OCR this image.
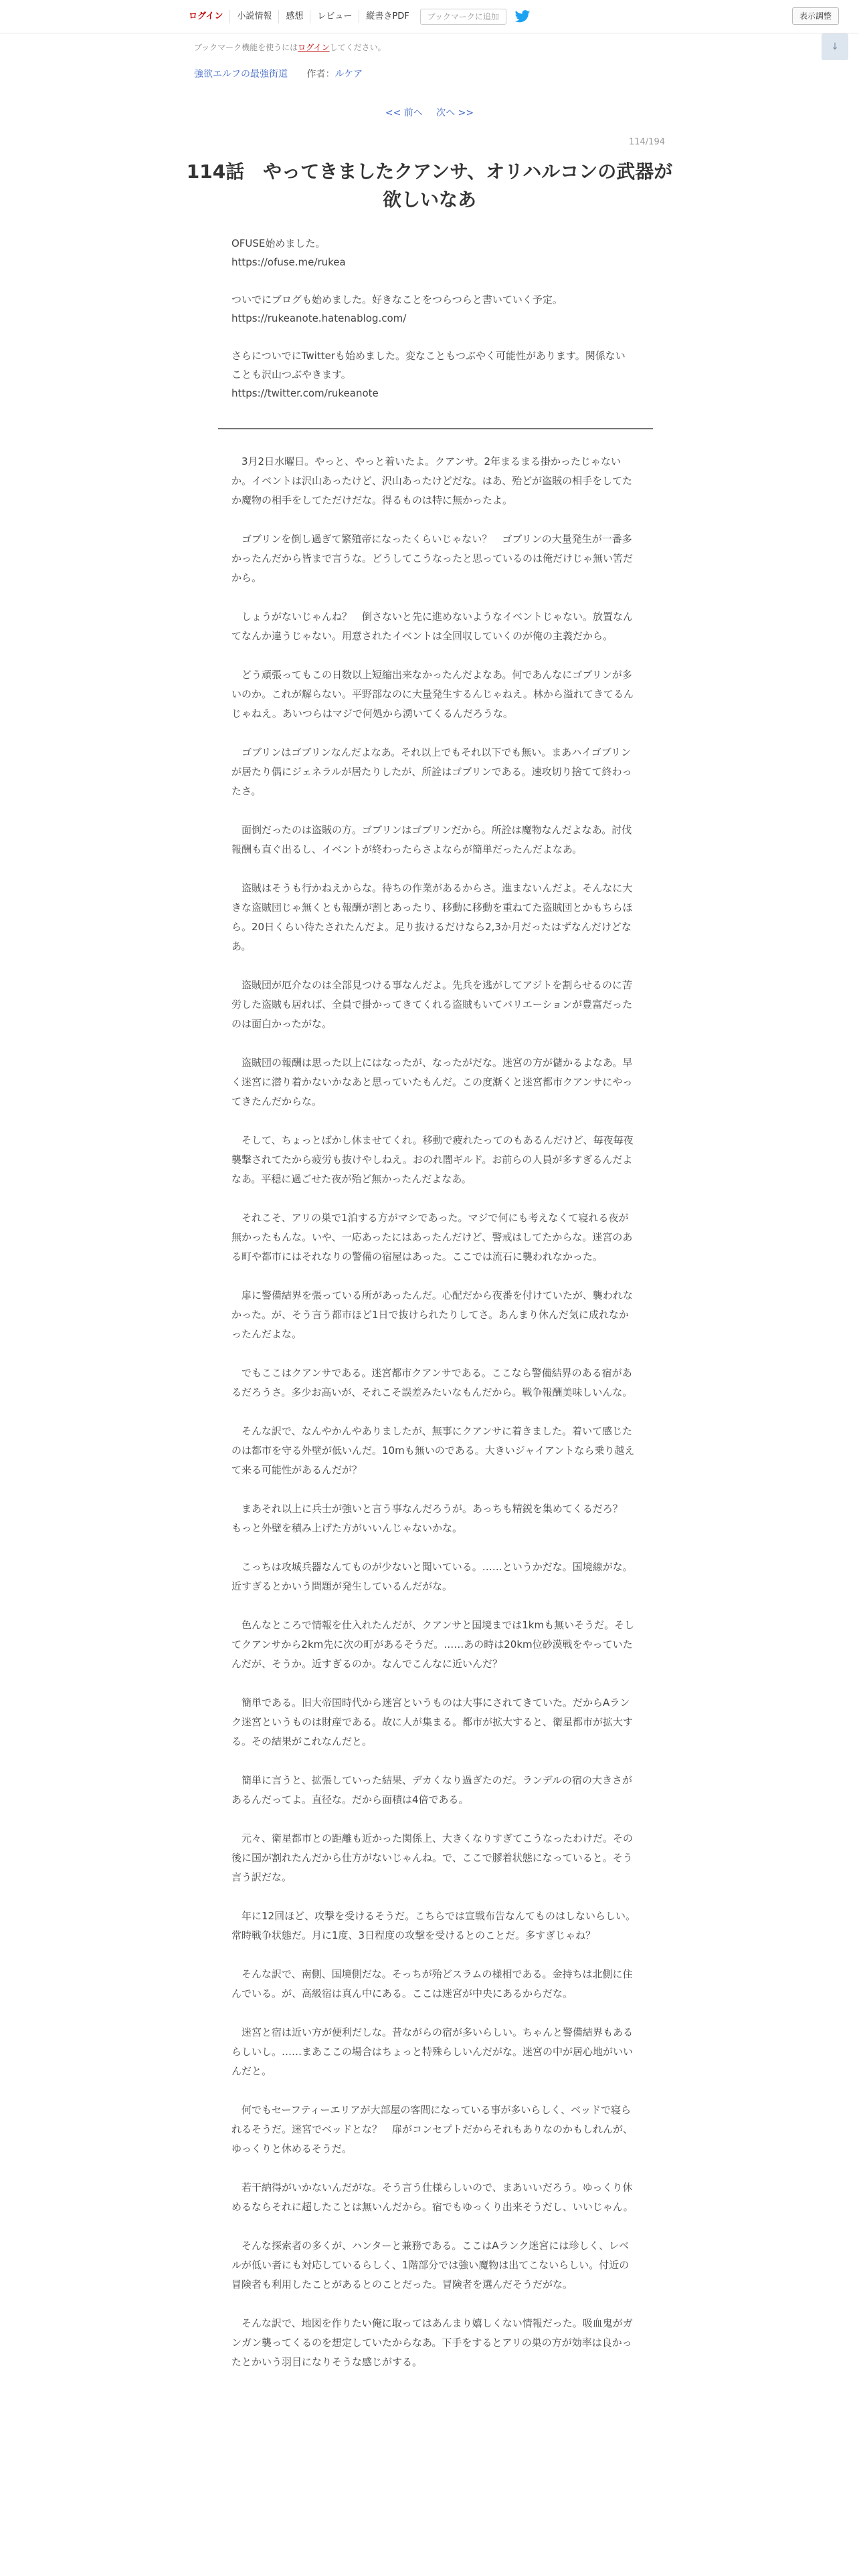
ログイン	小説情報	感想	レビュー	縦書きPDF	ブックマークに追加	表示調整
ブックマーク機能を使うにはログインしてください。	↓
強欲エルフの最強街道 作者：ルケア
<< 前へ 次へ >>
114/194
114話　やってきましたクアンサ、オリハルコンの武器が欲しいなあ

OFUSE始めました。
https://ofuse.me/rukea

ついでにブログも始めました。好きなことをつらつらと書いていく予定。
https://rukeanote.hatenablog.com/

さらについでにTwitterも始めました。変なこともつぶやく可能性があります。関係ないことも沢山つぶやきます。
https://twitter.com/rukeanote

3月2日水曜日。やっと、やっと着いたよ。クアンサ。2年まるまる掛かったじゃないか。イベントは沢山あったけど、沢山あったけどだな。はあ、殆どが盗賊の相手をしてたか魔物の相手をしてただけだな。得るものは特に無かったよ。

ゴブリンを倒し過ぎて繁殖帝になったくらいじゃない？　ゴブリンの大量発生が一番多かったんだから皆まで言うな。どうしてこうなったと思っているのは俺だけじゃ無い筈だから。

しょうがないじゃんね？　倒さないと先に進めないようなイベントじゃない。放置なんてなんか違うじゃない。用意されたイベントは全回収していくのが俺の主義だから。

どう頑張ってもこの日数以上短縮出来なかったんだよなあ。何であんなにゴブリンが多いのか。これが解らない。平野部なのに大量発生するんじゃねえ。林から溢れてきてるんじゃねえ。あいつらはマジで何処から湧いてくるんだろうな。

ゴブリンはゴブリンなんだよなあ。それ以上でもそれ以下でも無い。まあハイゴブリンが居たり偶にジェネラルが居たりしたが、所詮はゴブリンである。速攻切り捨てて終わったさ。

面倒だったのは盗賊の方。ゴブリンはゴブリンだから。所詮は魔物なんだよなあ。討伐報酬も直ぐ出るし、イベントが終わったらさよならが簡単だったんだよなあ。

盗賊はそうも行かねえからな。待ちの作業があるからさ。進まないんだよ。そんなに大きな盗賊団じゃ無くとも報酬が割とあったり、移動に移動を重ねてた盗賊団とかもちらほら。20日くらい待たされたんだよ。足り抜けるだけなら2,3か月だったはずなんだけどなあ。

盗賊団が厄介なのは全部見つける事なんだよ。先兵を逃がしてアジトを割らせるのに苦労した盗賊も居れば、全員で掛かってきてくれる盗賊もいてバリエーションが豊富だったのは面白かったがな。

盗賊団の報酬は思った以上にはなったが、なったがだな。迷宮の方が儲かるよなあ。早く迷宮に潜り着かないかなあと思っていたもんだ。この度漸くと迷宮都市クアンサにやってきたんだからな。

そして、ちょっとばかし休ませてくれ。移動で疲れたってのもあるんだけど、毎夜毎夜襲撃されてたから疲労も抜けやしねえ。おのれ闇ギルド。お前らの人員が多すぎるんだよなあ。平穏に過ごせた夜が殆ど無かったんだよなあ。

それこそ、アリの巣で1泊する方がマシであった。マジで何にも考えなくて寝れる夜が無かったもんな。いや、一応あったにはあったんだけど、警戒はしてたからな。迷宮のある町や都市にはそれなりの警備の宿屋はあった。ここでは流石に襲われなかった。

扉に警備結界を張っている所があったんだ。心配だから夜番を付けていたが、襲われなかった。が、そう言う都市ほど1日で抜けられたりしてさ。あんまり休んだ気に成れなかったんだよな。

でもここはクアンサである。迷宮都市クアンサである。ここなら警備結界のある宿があるだろうさ。多少お高いが、それこそ誤差みたいなもんだから。戦争報酬美味しいんな。

そんな訳で、なんやかんやありましたが、無事にクアンサに着きました。着いて感じたのは都市を守る外壁が低いんだ。10mも無いのである。大きいジャイアントなら乗り越えて来る可能性があるんだが？

まあそれ以上に兵士が強いと言う事なんだろうが。あっちも精鋭を集めてくるだろ？　もっと外壁を積み上げた方がいいんじゃないかな。

こっちは攻城兵器なんてものが少ないと聞いている。……というかだな。国境線がな。近すぎるとかいう問題が発生しているんだがな。

色んなところで情報を仕入れたんだが、クアンサと国境までは1kmも無いそうだ。そしてクアンサから2km先に次の町があるそうだ。……あの時は20km位砂漠戦をやっていたんだが、そうか。近すぎるのか。なんでこんなに近いんだ？

簡単である。旧大帝国時代から迷宮というものは大事にされてきていた。だからAランク迷宮というものは財産である。故に人が集まる。都市が拡大すると、衛星都市が拡大する。その結果がこれなんだと。

簡単に言うと、拡張していった結果、デカくなり過ぎたのだ。ランデルの宿の大きさがあるんだってよ。直径な。だから面積は4倍である。

元々、衛星都市との距離も近かった関係上、大きくなりすぎてこうなったわけだ。その後に国が割れたんだから仕方がないじゃんね。で、ここで膠着状態になっていると。そう言う訳だな。

年に12回ほど、攻撃を受けるそうだ。こちらでは宣戦布告なんてものはしないらしい。常時戦争状態だ。月に1度、3日程度の攻撃を受けるとのことだ。多すぎじゃね？

そんな訳で、南側、国境側だな。そっちが殆どスラムの様相である。金持ちは北側に住んでいる。が、高級宿は真ん中にある。ここは迷宮が中央にあるからだな。

迷宮と宿は近い方が便利だしな。昔ながらの宿が多いらしい。ちゃんと警備結界もあるらしいし。……まあここの場合はちょっと特殊らしいんだがな。迷宮の中が居心地がいいんだと。

何でもセーフティーエリアが大部屋の客間になっている事が多いらしく、ベッドで寝られるそうだ。迷宮でベッドとな？　扉がコンセプトだからそれもありなのかもしれんが、ゆっくりと休めるそうだ。

若干納得がいかないんだがな。そう言う仕様らしいので、まあいいだろう。ゆっくり休めるならそれに超したことは無いんだから。宿でもゆっくり出来そうだし、いいじゃん。

そんな探索者の多くが、ハンターと兼務である。ここはAランク迷宮には珍しく、レベルが低い者にも対応しているらしく、1階部分では強い魔物は出てこないらしい。付近の冒険者も利用したことがあるとのことだった。冒険者を選んだそうだがな。

そんな訳で、地図を作りたい俺に取ってはあんまり嬉しくない情報だった。吸血鬼がガンガン襲ってくるのを想定していたからなあ。下手をするとアリの巣の方が効率は良かったとかいう羽目になりそうな感じがする。
